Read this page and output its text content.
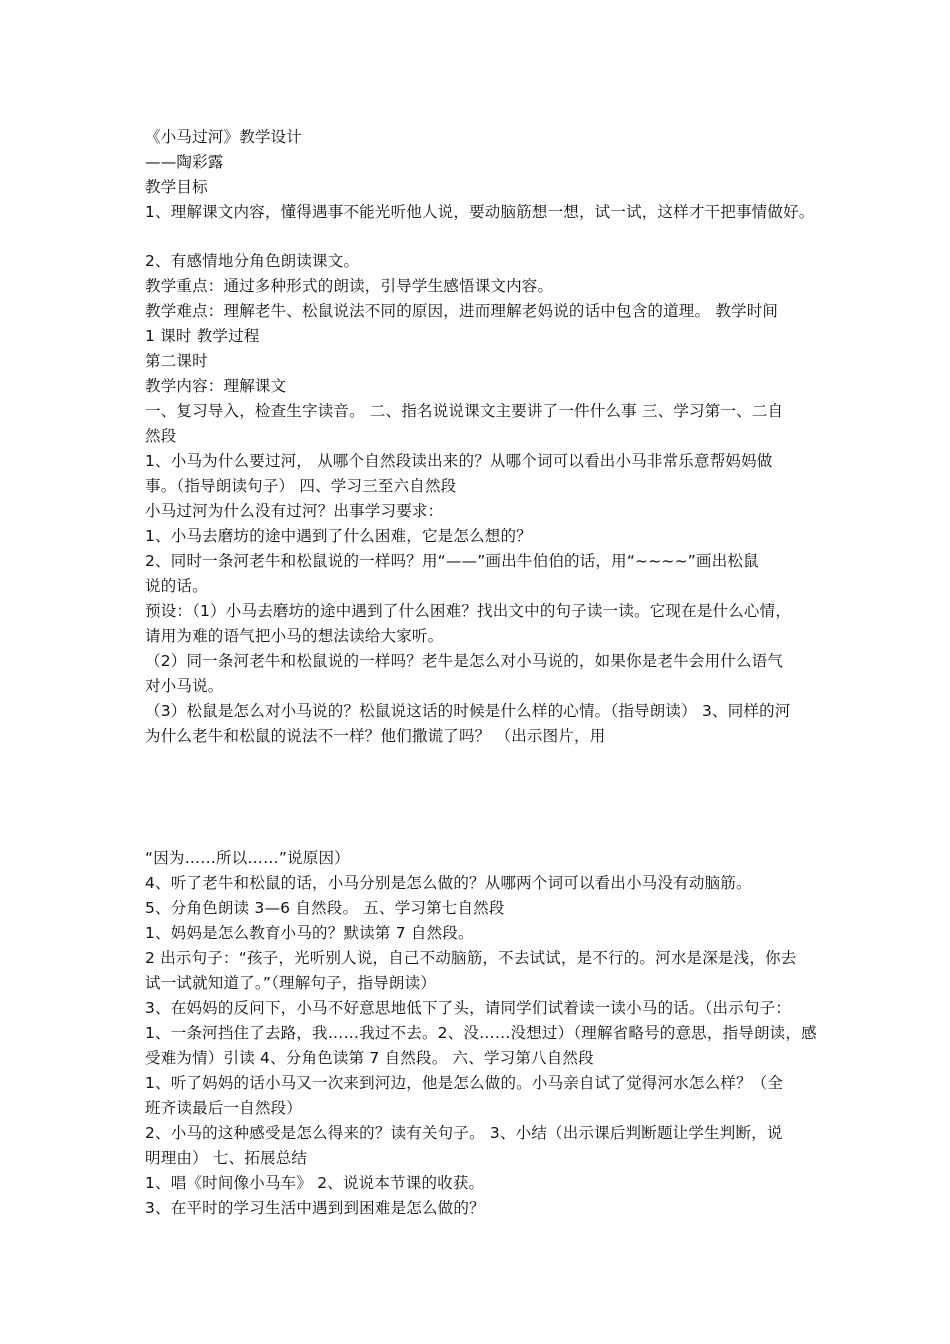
《小马过河》教学设计
——陶彩露
教学目标
1、理解课文内容，懂得遇事不能光听他人说，要动脑筋想一想，试一试，这样才干把事情做好。
2、有感情地分角色朗读课文。
教学重点：通过多种形式的朗读，引导学生感悟课文内容。
教学难点：理解老牛、松鼠说法不同的原因，进而理解老妈说的话中包含的道理。 教学时间
1 课时 教学过程
第二课时
教学内容：理解课文
一、复习导入，检查生字读音。 二、指名说说课文主要讲了一件什么事 三、学习第一、二自
然段
1、小马为什么要过河， 从哪个自然段读出来的？从哪个词可以看出小马非常乐意帮妈妈做
事。（指导朗读句子） 四、学习三至六自然段
小马过河为什么没有过河？出事学习要求：
1、小马去磨坊的途中遇到了什么困难，它是怎么想的？
2、同时一条河老牛和松鼠说的一样吗？用“——”画出牛伯伯的话，用“~~~~”画出松鼠
说的话。
预设：（1）小马去磨坊的途中遇到了什么困难？找出文中的句子读一读。它现在是什么心情，
请用为难的语气把小马的想法读给大家听。
（2）同一条河老牛和松鼠说的一样吗？老牛是怎么对小马说的，如果你是老牛会用什么语气
对小马说。
（3）松鼠是怎么对小马说的？松鼠说这话的时候是什么样的心情。（指导朗读） 3、同样的河
为什么老牛和松鼠的说法不一样？他们撒谎了吗？ （出示图片，用
“因为……所以……”说原因）
4、听了老牛和松鼠的话，小马分别是怎么做的？从哪两个词可以看出小马没有动脑筋。
5、分角色朗读 3—6 自然段。 五、学习第七自然段
1、妈妈是怎么教育小马的？默读第 7 自然段。
2 出示句子：“孩子，光听别人说，自己不动脑筋，不去试试，是不行的。河水是深是浅，你去
试一试就知道了。”（理解句子，指导朗读）
3、在妈妈的反问下，小马不好意思地低下了头，请同学们试着读一读小马的话。（出示句子：
1、一条河挡住了去路，我……我过不去。2、没……没想过）（理解省略号的意思，指导朗读，感
受难为情）引读 4、分角色读第 7 自然段。 六、学习第八自然段
1、听了妈妈的话小马又一次来到河边，他是怎么做的。小马亲自试了觉得河水怎么样？（全
班齐读最后一自然段）
2、小马的这种感受是怎么得来的？读有关句子。 3、小结（出示课后判断题让学生判断，说
明理由） 七、拓展总结
1、唱《时间像小马车》 2、说说本节课的收获。
3、在平时的学习生活中遇到到困难是怎么做的？
